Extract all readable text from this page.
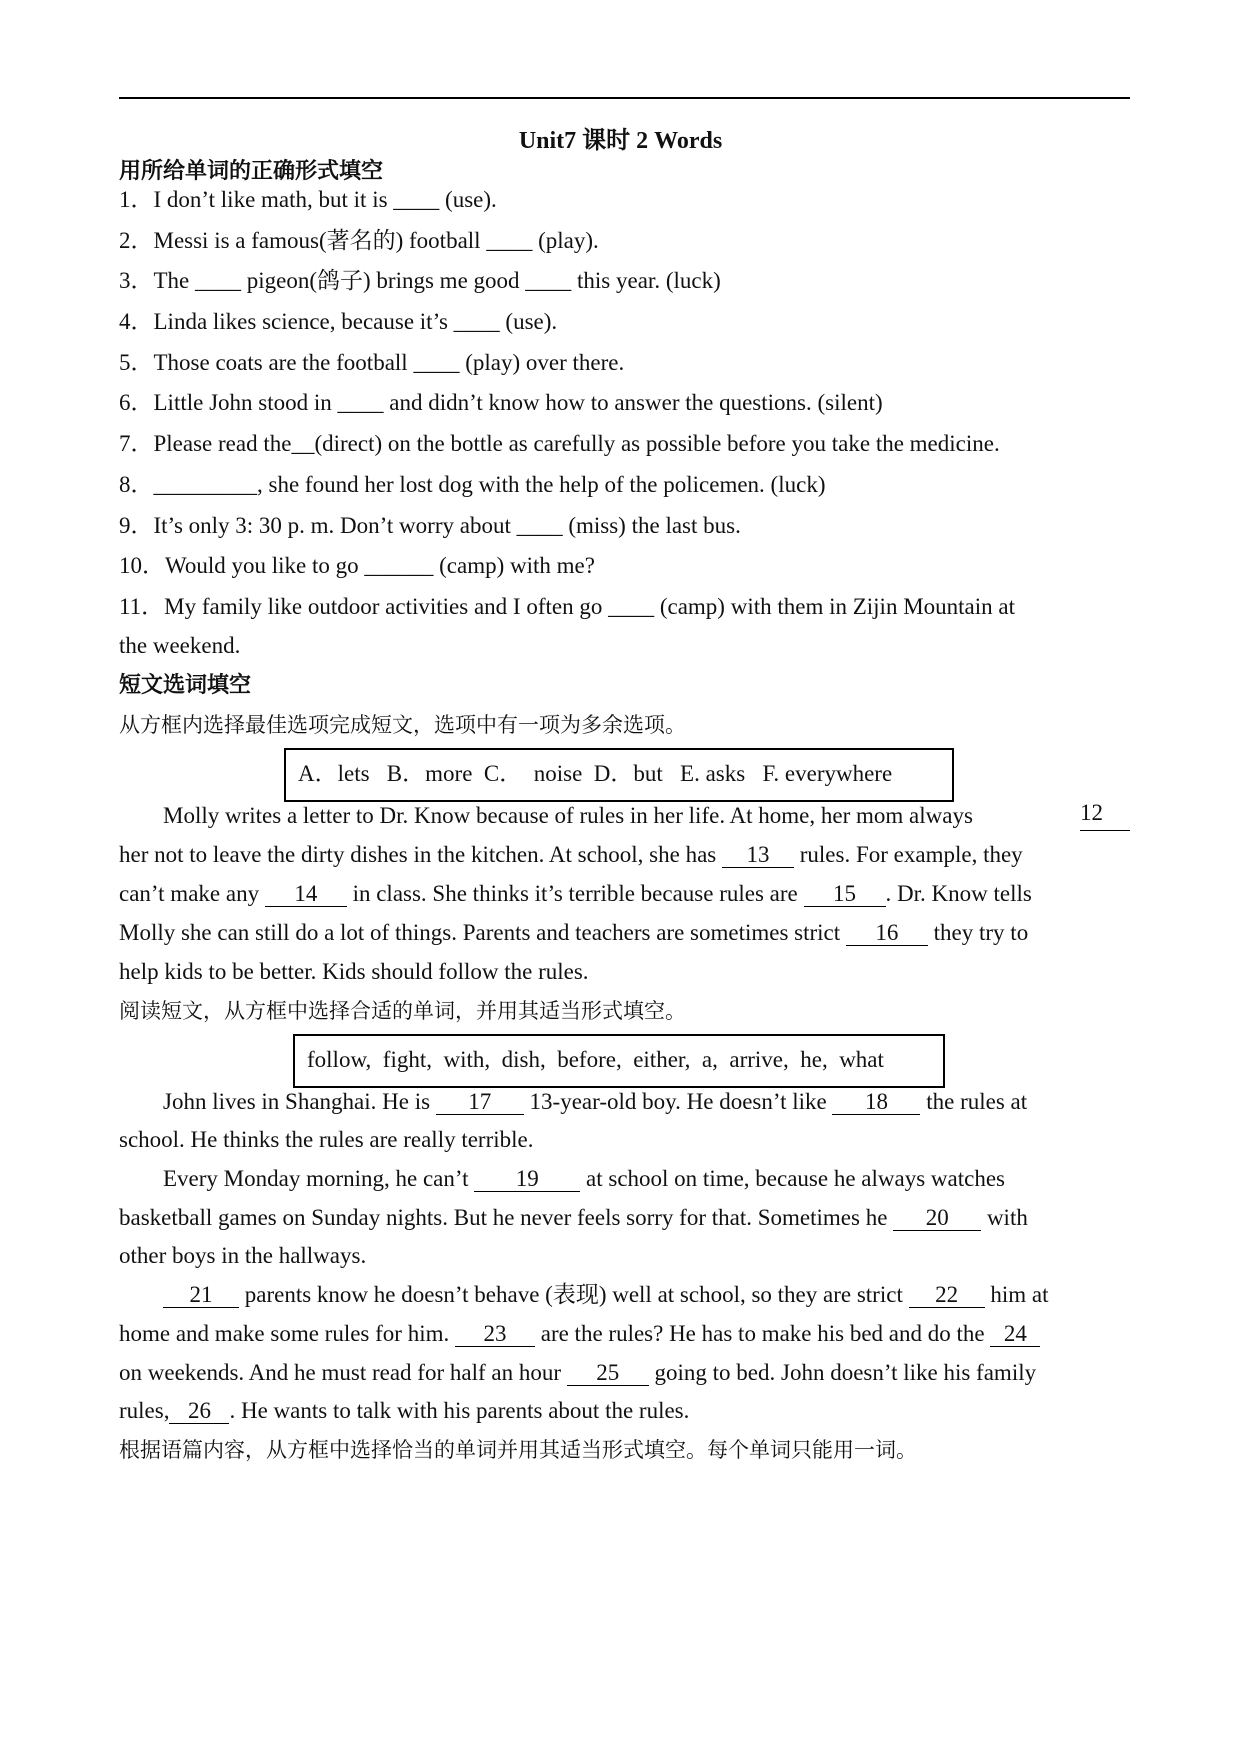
Unit7 课时 2 Words
用所给单词的正确形式填空
1．I don’t like math, but it is ____ (use).
2．Messi is a famous(著名的) football ____ (play).
3．The ____ pigeon(鸽子) brings me good ____ this year. (luck)
4．Linda likes science, because it’s ____ (use).
5．Those coats are the football ____ (play) over there.
6．Little John stood in ____ and didn’t know how to answer the questions. (silent)
7．Please read the__(direct) on the bottle as carefully as possible before you take the medicine.
8．_________, she found her lost dog with the help of the policemen. (luck)
9．It’s only 3: 30 p. m. Don’t worry about ____ (miss) the last bus.
10．Would you like to go ______ (camp) with me?
11．My family like outdoor activities and I often go ____ (camp) with them in Zijin Mountain at
the weekend.
短文选词填空
从方框内选择最佳选项完成短文，选项中有一项为多余选项。
A．lets   B．more  C．  noise  D．but   E. asks   F. everywhere
Molly writes a letter to Dr. Know because of rules in her life. At home, her mom always	12
her not to leave the dirty dishes in the kitchen. At school, she has 13 rules. For example, they
can’t make any 14 in class. She thinks it’s terrible because rules are 15 . Dr. Know tells
Molly she can still do a lot of things. Parents and teachers are sometimes strict 16 they try to
help kids to be better. Kids should follow the rules.
阅读短文，从方框中选择合适的单词，并用其适当形式填空。
follow,  fight,  with,  dish,  before,  either,  a,  arrive,  he,  what
John lives in Shanghai. He is 17 13-year-old boy. He doesn’t like 18 the rules at
school. He thinks the rules are really terrible.
Every Monday morning, he can’t 19 at school on time, because he always watches
basketball games on Sunday nights. But he never feels sorry for that. Sometimes he 20 with
other boys in the hallways.
21 parents know he doesn’t behave (表现) well at school, so they are strict 22 him at
home and make some rules for him. 23 are the rules? He has to make his bed and do the 24
on weekends. And he must read for half an hour 25 going to bed. John doesn’t like his family
rules, 26 . He wants to talk with his parents about the rules.
根据语篇内容，从方框中选择恰当的单词并用其适当形式填空。每个单词只能用一词。
